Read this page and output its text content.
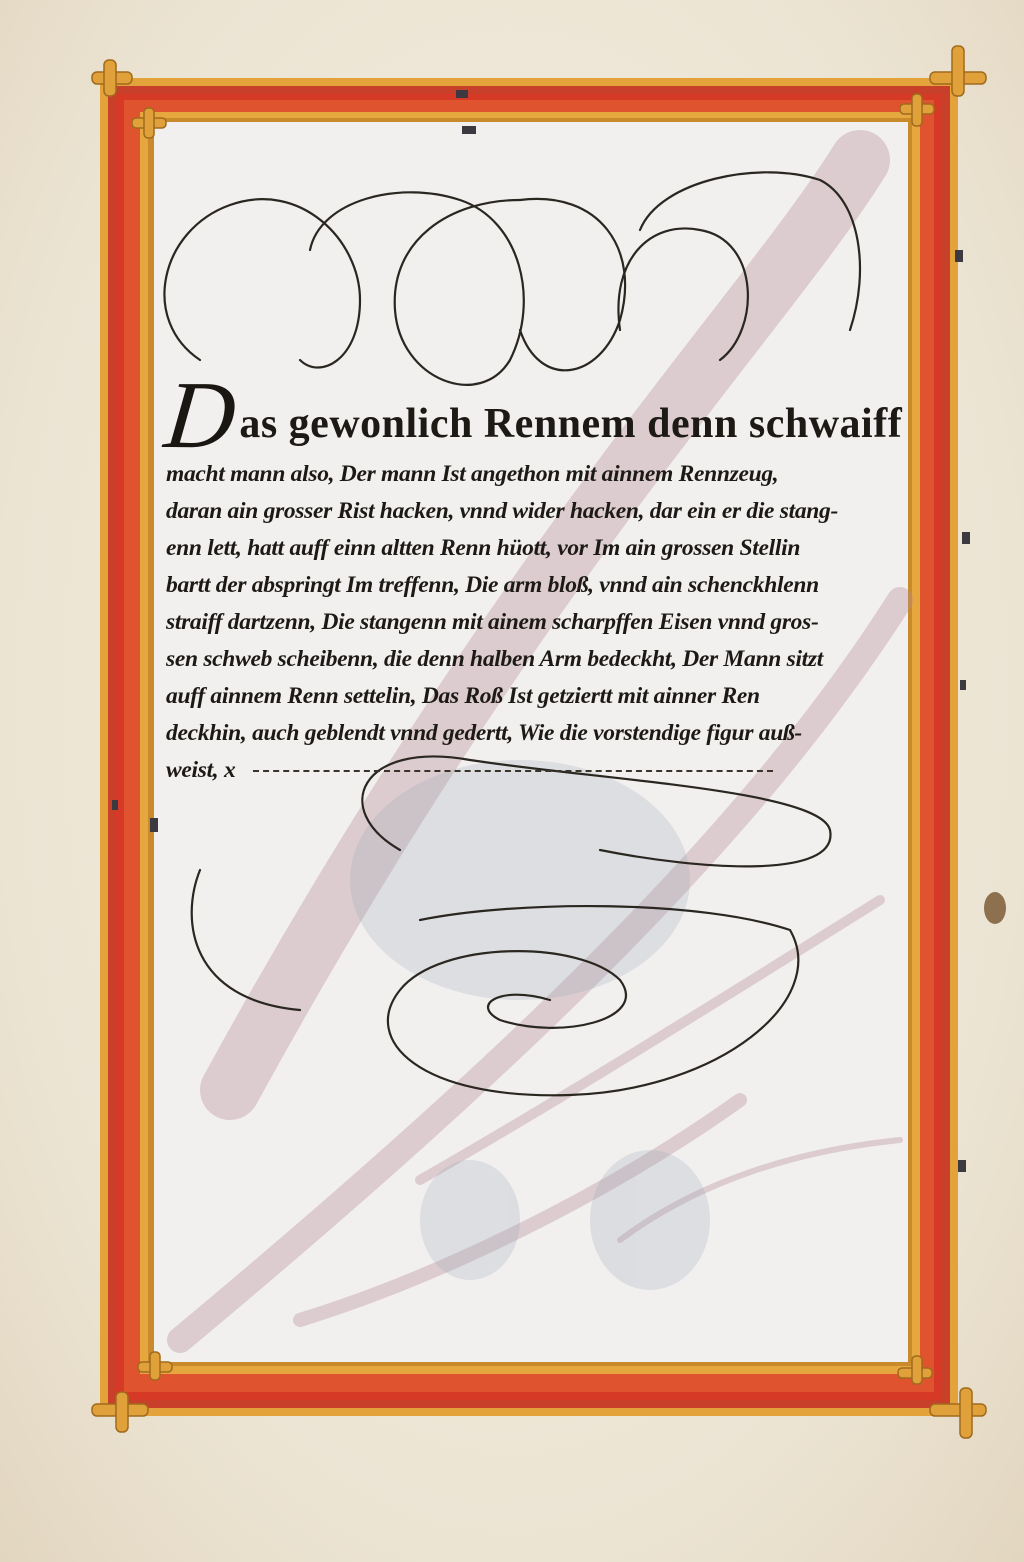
D
as gewonlich Rennem denn schwaiff
macht mann also, Der mann Ist angethon mit ainnem Rennzeug,
daran ain grosser Rist hacken, vnnd wider hacken, dar ein er die stang-
enn lett, hatt auff einn altten Renn hüott, vor Im ain grossen Stellin
bartt der abspringt Im treffenn, Die arm bloß, vnnd ain schenckhlenn
straiff dartzenn, Die stangenn mit ainem scharpffen Eisen vnnd gros-
sen schweb scheibenn, die denn halben Arm bedeckht, Der Mann sitzt
auff ainnem Renn settelin, Das Roß Ist getziertt mit ainner Ren
deckhin, auch geblendt vnnd gedertt, Wie die vorstendige figur auß-
weist, x
